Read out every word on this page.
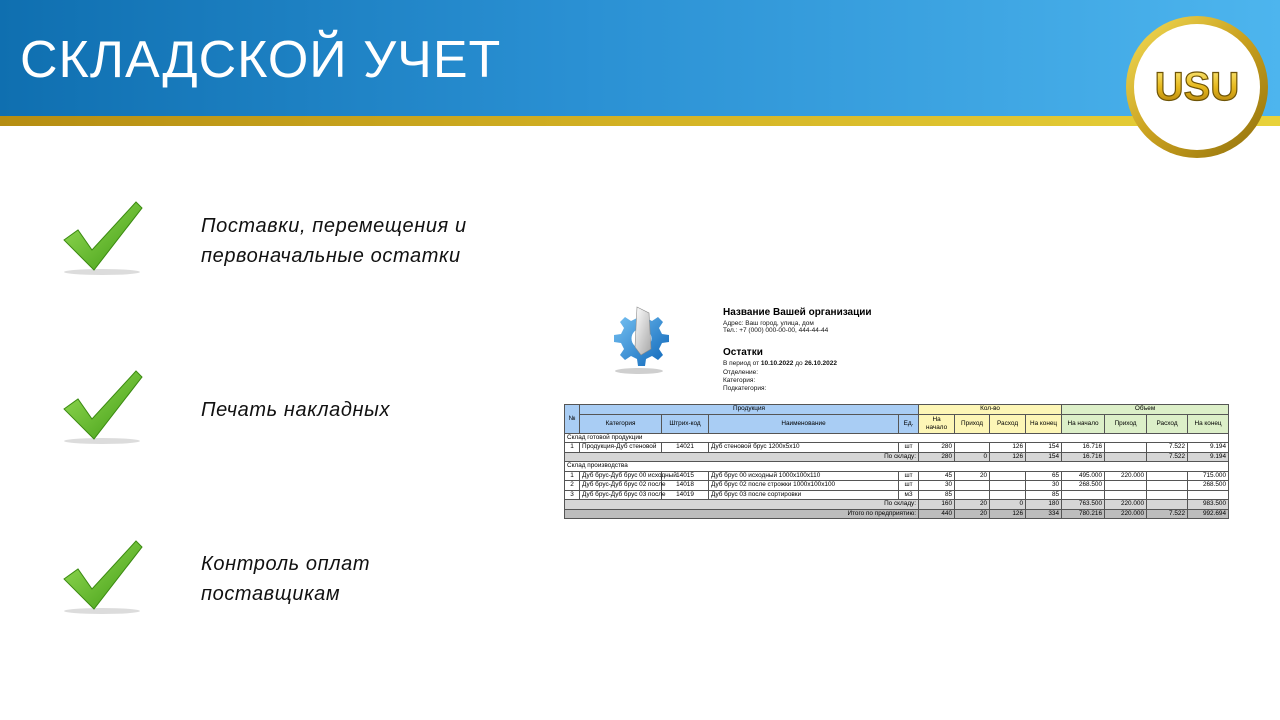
СКЛАДСКОЙ УЧЕТ	USU
Поставки, перемещения и
первоначальные остатки
Печать накладных
Контроль оплат
поставщикам
Название Вашей организации
Адрес: Ваш город, улица, дом
Тел.: +7 (000) 000-00-00, 444-44-44
Остатки
В период от 10.10.2022 до 26.10.2022
Отделение:
Категория:
Подкатегория:
№	Продукция				Кол-во				Объем			
	Категория	Штрих-код	Наименование	Ед.	На начало	Приход	Расход	На конец	На начало	Приход	Расход	На конец
Склад готовой продукции												
1	Продукция-Дуб стеновой	14021	Дуб стеновой брус 1200х5х10	шт	280		126	154	16.716		7.522	9.194
По складу:					280	0	126	154	16.716		7.522	9.194
Склад производства												
1	Дуб брус-Дуб брус 00 исходный	14015	Дуб брус 00 исходный 1000х100х110	шт	45	20		65	495.000	220.000		715.000
2	Дуб брус-Дуб брус 02 после	14018	Дуб брус 02 после строжки 1000х100х100	шт	30			30	268.500			268.500
3	Дуб брус-Дуб брус 03 после	14019	Дуб брус 03 после сортировки	м3	85			85				
По складу:					160	20	0	180	763.500	220.000		983.500
Итого по предприятию:					440	20	126	334	780.216	220.000	7.522	992.694
